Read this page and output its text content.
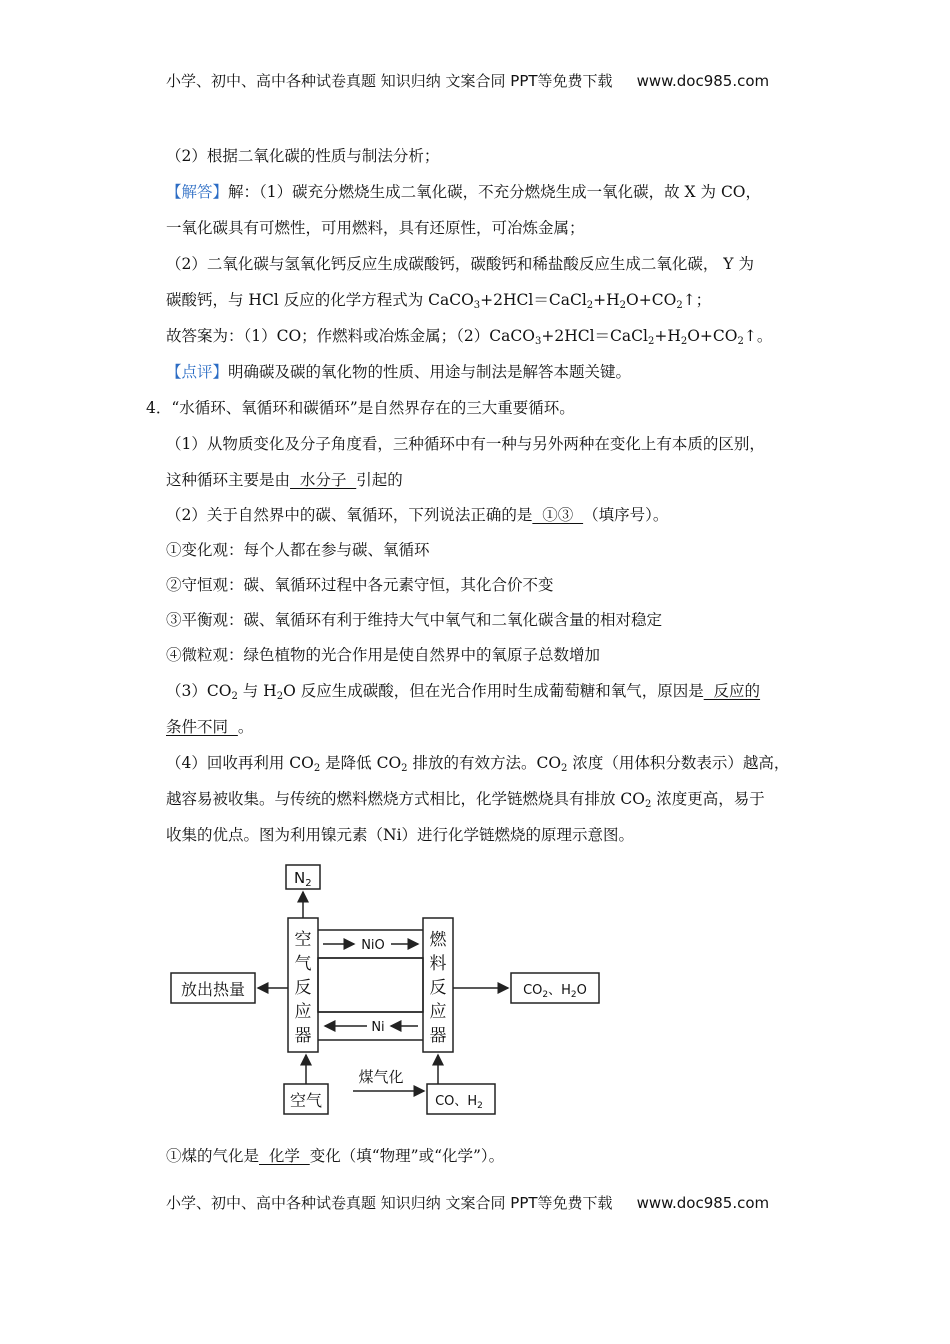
小学、初中、高中各种试卷真题 知识归纳 文案合同 PPT等免费下载 www.doc985.com
（2）根据二氧化碳的性质与制法分析；
【解答】解：（1）碳充分燃烧生成二氧化碳，不充分燃烧生成一氧化碳，故 X 为 CO，
一氧化碳具有可燃性，可用燃料，具有还原性，可冶炼金属；
（2）二氧化碳与氢氧化钙反应生成碳酸钙，碳酸钙和稀盐酸反应生成二氧化碳， Y 为
碳酸钙，与 HCl 反应的化学方程式为 $CaCO_3+2HCl=CaCl_2+H_2O+CO_2↑$；
故答案为：（1）CO；作燃料或冶炼金属；$(2)CaCO_3+2HCl=CaCl_2+H_2O+CO_2↑$。
【点评】明确碳及碳的氧化物的性质、用途与制法是解答本题关键。
4．“水循环、氧循环和碳循环”是自然界存在的三大重要循环。
（1）从物质变化及分子角度看，三种循环中有一种与另外两种在变化上有本质的区别，
这种循环主要是由  水分子  引起的
（2）关于自然界中的碳、氧循环，下列说法正确的是  ①③  （填序号）。
①变化观：每个人都在参与碳、氧循环
②守恒观：碳、氧循环过程中各元素守恒，其化合价不变
③平衡观：碳、氧循环有利于维持大气中氧气和二氧化碳含量的相对稳定
④微粒观：绿色植物的光合作用是使自然界中的氧原子总数增加
$(3)CO_2$ 与 $H_2O$ 反应生成碳酸，但在光合作用时生成葡萄糖和氧气，原因是  反应的
条件不同  。
（4）回收再利用 $CO_2$ 是降低 $CO_2$ 排放的有效方法。$CO_2$ 浓度（用体积分数表示）越高，
越容易被收集。与传统的燃料燃烧方式相比，化学链燃烧具有排放 $CO_2$ 浓度更高，易于
收集的优点。图为利用镍元素（Ni）进行化学链燃烧的原理示意图。
$N_2$
NiO
Ni
放出热量	$CO_2$、$H_2O$
空气
煤气化
CO、$H_2$
空
气
反
应
器
燃
料
反
应
器
①煤的气化是  化学  变化（填“物理”或“化学”）。
小学、初中、高中各种试卷真题 知识归纳 文案合同 PPT等免费下载 www.doc985.com
